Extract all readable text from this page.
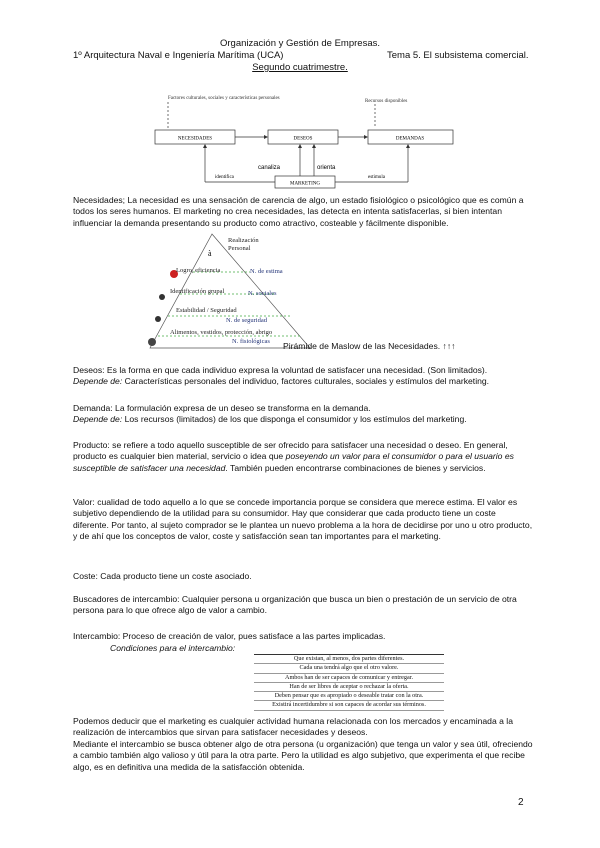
Organización y Gestión de Empresas.
1º Arquitectura Naval e Ingeniería Marítima (UCA)	Tema 5. El subsistema comercial.
Segundo cuatrimestre.
Factores culturales, sociales y características personales
Recursos disponibles
NECESIDADES	DESEOS	DEMANDAS
MARKETING
identifica
canaliza	orienta
estimula

Necesidades; La necesidad es una sensación de carencia de algo, un estado fisiológico o psicológico que es común a todos los seres humanos. El marketing no crea necesidades, las detecta en intenta satisfacerlas, si bien intentan influenciar la demanda presentando su producto como atractivo, costeable y fácilmente disponible.

à
Realización Personal
Logro, eficiencia
Identificación grupal
Estabilidad / Seguridad
Alimentos, vestidos, protección, abrigo
N. de estima
N. sociales
N. de seguridad
N. fisiológicas Pirámide de Maslow de las Necesidades. ↑↑↑

Deseos: Es la forma en que cada individuo expresa la voluntad de satisfacer una necesidad. (Son limitados).
Depende de: Características personales del individuo, factores culturales, sociales y estímulos del marketing.

Demanda: La formulación expresa de un deseo se transforma en la demanda.
Depende de: Los recursos (limitados) de los que disponga el consumidor y los estímulos del marketing.

Producto: se refiere a todo aquello susceptible de ser ofrecido para satisfacer una necesidad o deseo. En general, producto es cualquier bien material, servicio o idea que poseyendo un valor para el consumidor o para el usuario es susceptible de satisfacer una necesidad. También pueden encontrarse combinaciones de bienes y servicios.

Valor: cualidad de todo aquello a lo que se concede importancia porque se considera que merece estima. El valor es subjetivo dependiendo de la utilidad para su consumidor. Hay que considerar que cada producto tiene un coste diferente. Por tanto, al sujeto comprador se le plantea un nuevo problema a la hora de decidirse por uno u otro producto, y de ahí que los conceptos de valor, coste y satisfacción sean tan importantes para el marketing.

Coste: Cada producto tiene un coste asociado.

Buscadores de intercambio: Cualquier persona u organización que busca un bien o prestación de un servicio de otra persona para lo que ofrece algo de valor a cambio.

Intercambio: Proceso de creación de valor, pues satisface a las partes implicadas.

Condiciones para el intercambio:
Que existan, al menos, dos partes diferentes.
Cada una tendrá algo que el otro valore.
Ambos han de ser capaces de comunicar y entregar.
Han de ser libres de aceptar o rechazar la oferta.
Deben pensar que es apropiado o deseable tratar con la otra.
Existirá incertidumbre si son capaces de acordar sus términos.

Podemos deducir que el marketing es cualquier actividad humana relacionada con los mercados y encaminada a la realización de intercambios que sirvan para satisfacer necesidades y deseos.
Mediante el intercambio se busca obtener algo de otra persona (u organización) que tenga un valor y sea útil, ofreciendo a cambio también algo valioso y útil para la otra parte. Pero la utilidad es algo subjetivo, que experimenta el que recibe algo, es en definitiva una medida de la satisfacción obtenida.

2
